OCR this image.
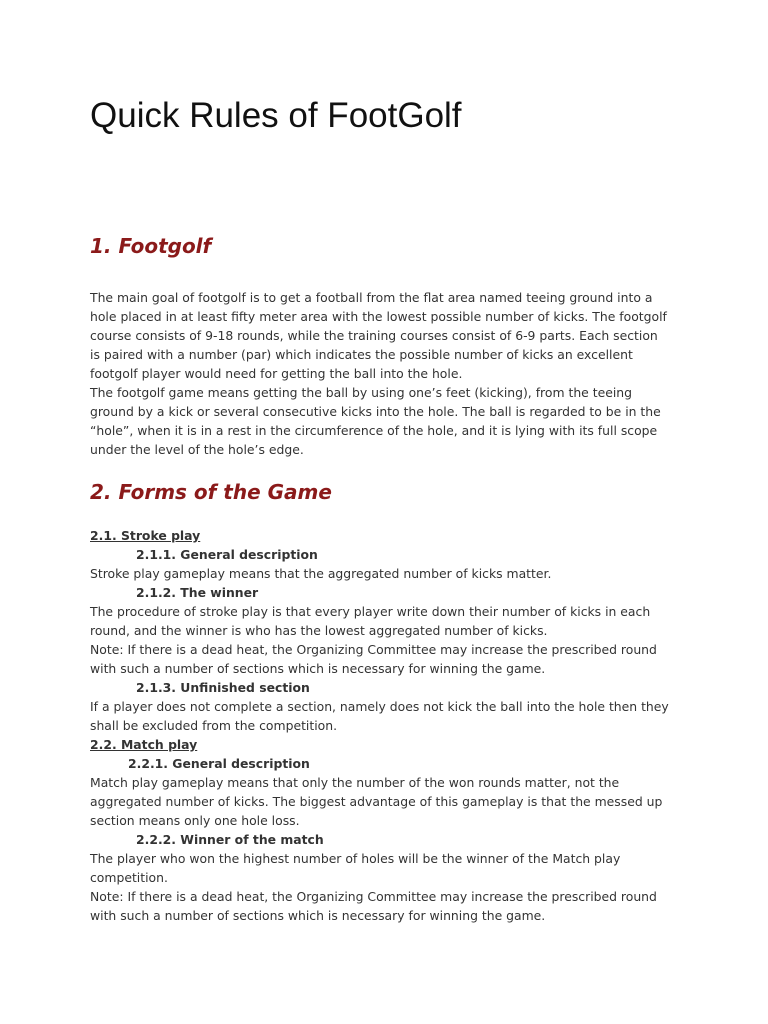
Quick Rules of FootGolf
1. Footgolf

The main goal of footgolf is to get a football from the flat area named teeing ground into a hole placed in at least fifty meter area with the lowest possible number of kicks. The footgolf course consists of 9-18 rounds, while the training courses consist of 6-9 parts. Each section is paired with a number (par) which indicates the possible number of kicks an excellent footgolf player would need for getting the ball into the hole.

The footgolf game means getting the ball by using one’s feet (kicking), from the teeing ground by a kick or several consecutive kicks into the hole. The ball is regarded to be in the “hole”, when it is in a rest in the circumference of the hole, and it is lying with its full scope under the level of the hole’s edge.

2. Forms of the Game
2.1. Stroke play
2.1.1. General description
Stroke play gameplay means that the aggregated number of kicks matter.
2.1.2. The winner
The procedure of stroke play is that every player write down their number of kicks in each round, and the winner is who has the lowest aggregated number of kicks.
Note: If there is a dead heat, the Organizing Committee may increase the prescribed round with such a number of sections which is necessary for winning the game.
2.1.3. Unfinished section
If a player does not complete a section, namely does not kick the ball into the hole then they shall be excluded from the competition.
2.2. Match play
2.2.1. General description
Match play gameplay means that only the number of the won rounds matter, not the aggregated number of kicks. The biggest advantage of this gameplay is that the messed up section means only one hole loss.
2.2.2. Winner of the match
The player who won the highest number of holes will be the winner of the Match play competition.
Note: If there is a dead heat, the Organizing Committee may increase the prescribed round with such a number of sections which is necessary for winning the game.
